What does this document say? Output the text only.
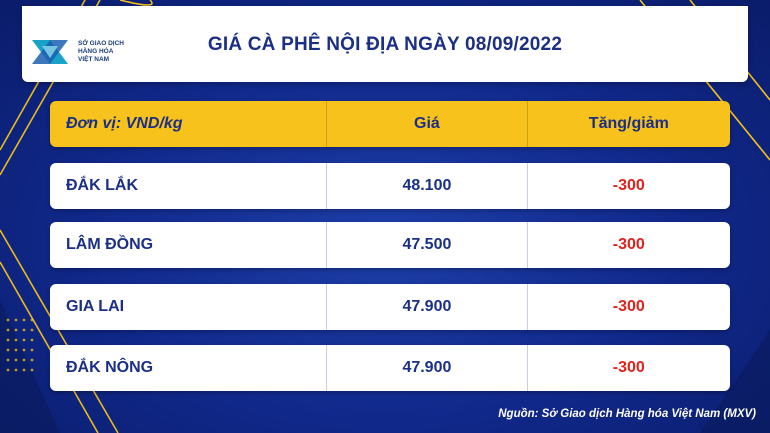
SỞ GIAO DỊCH
HÀNG HÓA
VIỆT NAM
GIÁ CÀ PHÊ NỘI ĐỊA NGÀY 08/09/2022
Đơn vị: VND/kg	Giá	Tăng/giảm
ĐẮK LẮK	48.100	-300
LÂM ĐỒNG	47.500	-300
GIA LAI	47.900	-300
ĐẮK NÔNG	47.900	-300
Nguồn: Sở Giao dịch Hàng hóa Việt Nam (MXV)
